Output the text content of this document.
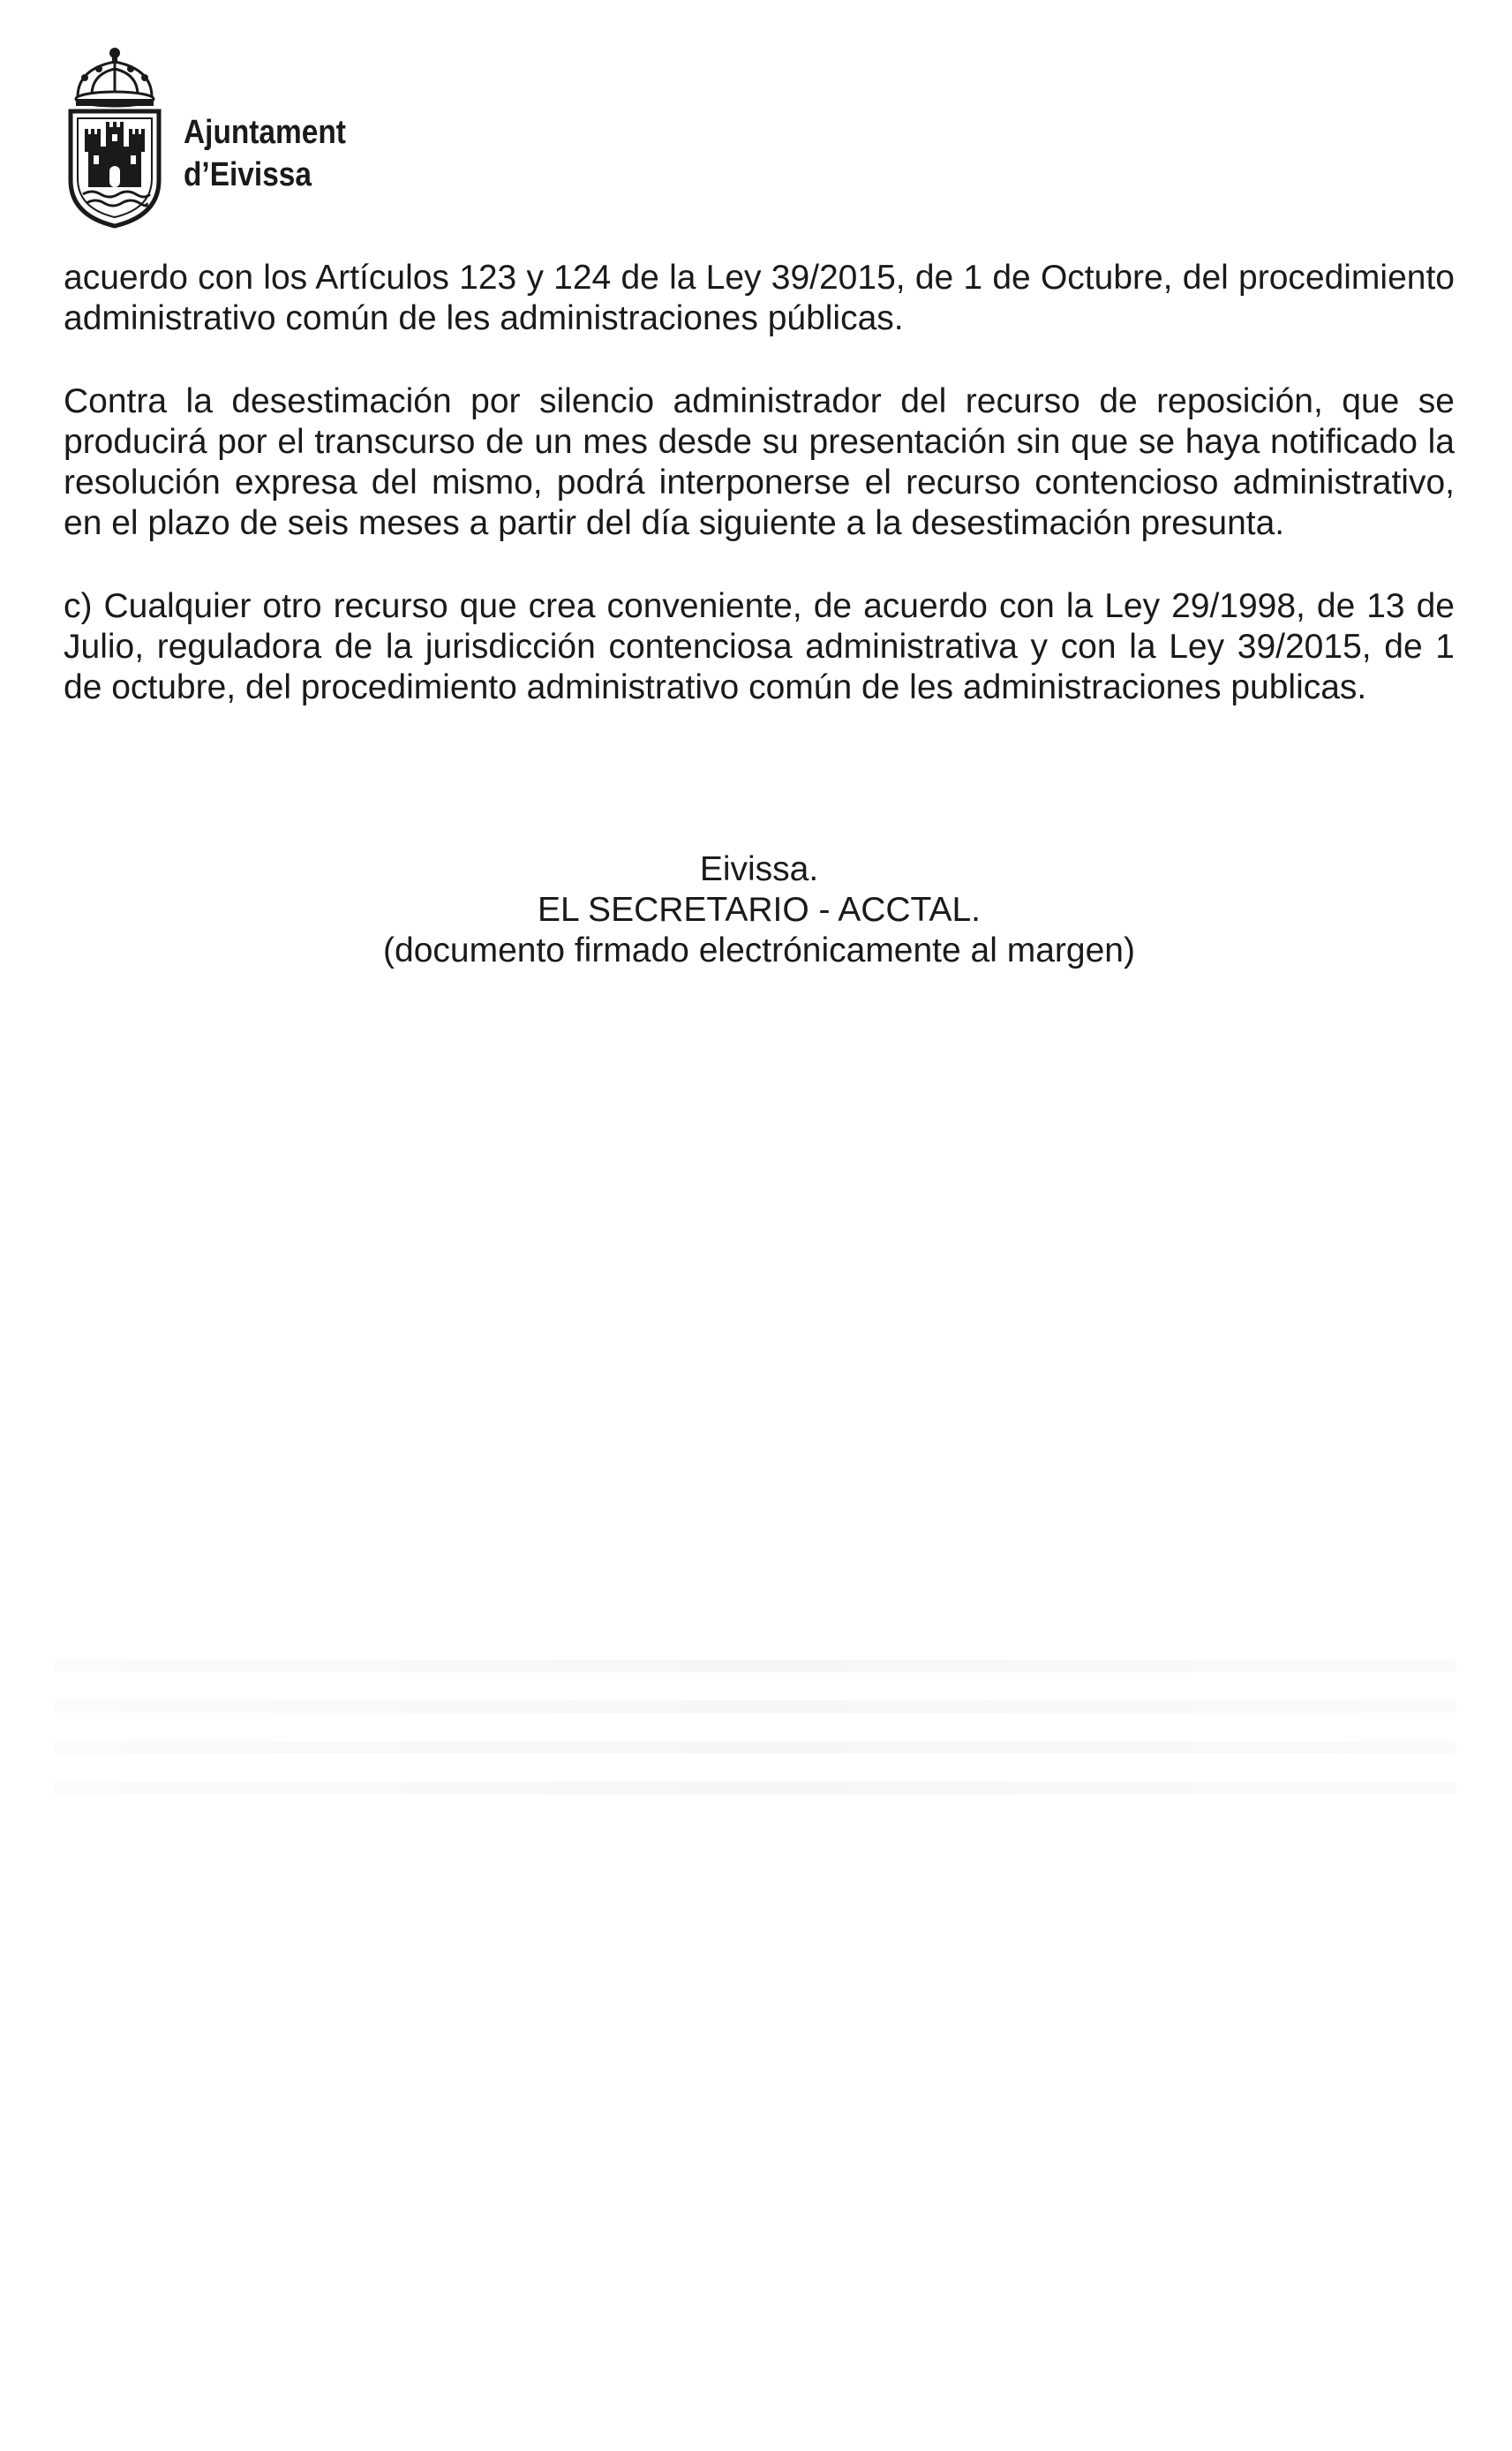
Ajuntament
d’Eivissa

acuerdo con los Artículos 123 y 124 de la Ley 39/2015, de 1 de Octubre, del procedimiento administrativo común de les administraciones públicas.

Contra la desestimación por silencio administrador del recurso de reposición, que se producirá por el transcurso de un mes desde su presentación sin que se haya notificado la resolución expresa del mismo, podrá interponerse el recurso contencioso administrativo, en el plazo de seis meses a partir del día siguiente a la desestimación presunta.

c) Cualquier otro recurso que crea conveniente, de acuerdo con la Ley 29/1998, de 13 de Julio, reguladora de la jurisdicción contenciosa administrativa y con la Ley 39/2015, de 1 de octubre, del procedimiento administrativo común de les administraciones publicas.

Eivissa.
EL SECRETARIO - ACCTAL.
(documento firmado electrónicamente al margen)
